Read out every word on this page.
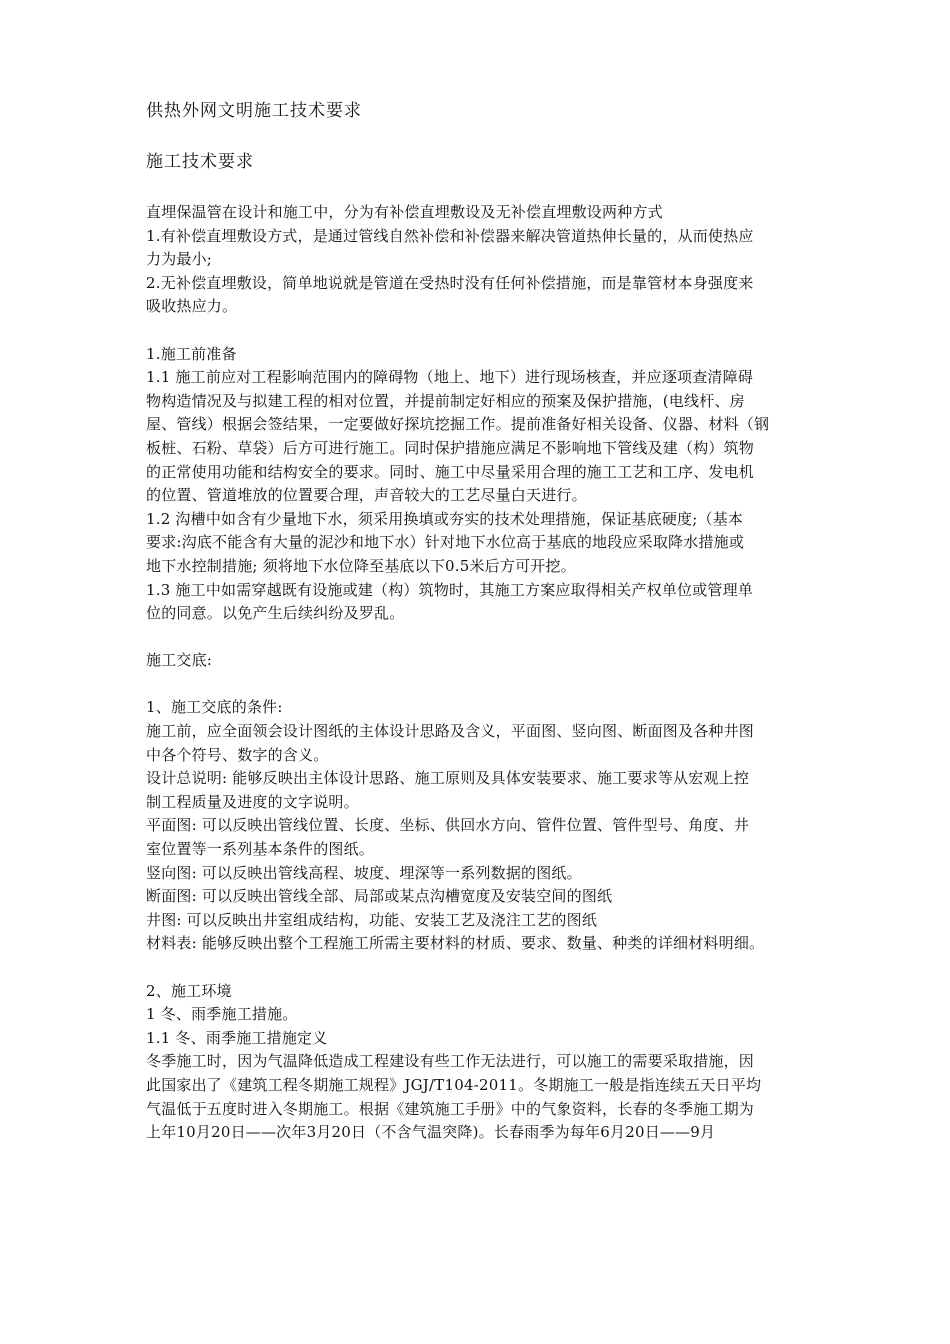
供热外网文明施工技术要求
施工技术要求
直埋保温管在设计和施工中，分为有补偿直埋敷设及无补偿直埋敷设两种方式
1.有补偿直埋敷设方式，是通过管线自然补偿和补偿器来解决管道热伸长量的，从而使热应
力为最小;
2.无补偿直埋敷设，简单地说就是管道在受热时没有任何补偿措施，而是靠管材本身强度来
吸收热应力。
1.施工前准备
1.1 施工前应对工程影响范围内的障碍物（地上、地下）进行现场核查，并应逐项查清障碍
物构造情况及与拟建工程的相对位置，并提前制定好相应的预案及保护措施，(电线杆、房
屋、管线）根据会签结果，一定要做好探坑挖掘工作。提前准备好相关设备、仪器、材料（钢
板桩、石粉、草袋）后方可进行施工。同时保护措施应满足不影响地下管线及建（构）筑物
的正常使用功能和结构安全的要求。同时、施工中尽量采用合理的施工工艺和工序、发电机
的位置、管道堆放的位置要合理，声音较大的工艺尽量白天进行。
1.2 沟槽中如含有少量地下水，须采用换填或夯实的技术处理措施，保证基底硬度;（基本
要求:沟底不能含有大量的泥沙和地下水）针对地下水位高于基底的地段应采取降水措施或
地下水控制措施; 须将地下水位降至基底以下0.5米后方可开挖。
1.3 施工中如需穿越既有设施或建（构）筑物时，其施工方案应取得相关产权单位或管理单
位的同意。以免产生后续纠纷及罗乱。
施工交底:
1、施工交底的条件:
施工前，应全面领会设计图纸的主体设计思路及含义，平面图、竖向图、断面图及各种井图
中各个符号、数字的含义。
设计总说明: 能够反映出主体设计思路、施工原则及具体安装要求、施工要求等从宏观上控
制工程质量及进度的文字说明。
平面图: 可以反映出管线位置、长度、坐标、供回水方向、管件位置、管件型号、角度、井
室位置等一系列基本条件的图纸。
竖向图: 可以反映出管线高程、坡度、埋深等一系列数据的图纸。
断面图: 可以反映出管线全部、局部或某点沟槽宽度及安装空间的图纸
井图: 可以反映出井室组成结构，功能、安装工艺及浇注工艺的图纸
材料表: 能够反映出整个工程施工所需主要材料的材质、要求、数量、种类的详细材料明细。
2、施工环境
1 冬、雨季施工措施。
1.1 冬、雨季施工措施定义
冬季施工时，因为气温降低造成工程建设有些工作无法进行，可以施工的需要采取措施，因
此国家出了《建筑工程冬期施工规程》JGJ/T104-2011。冬期施工一般是指连续五天日平均
气温低于五度时进入冬期施工。根据《建筑施工手册》中的气象资料，长春的冬季施工期为
上年10月20日——次年3月20日（不含气温突降)。长春雨季为每年6月20日——9月
